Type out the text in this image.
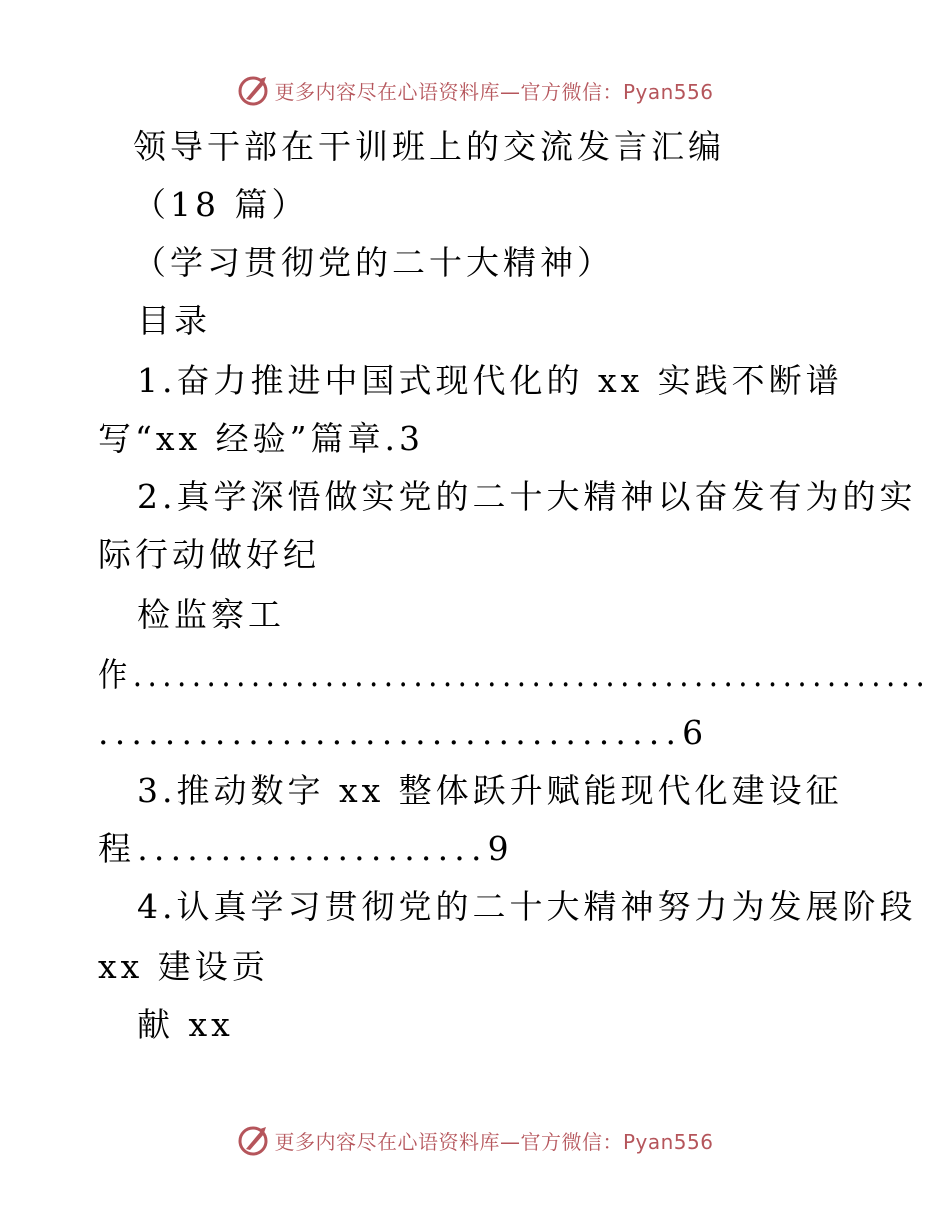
更多内容尽在心语资料库—官方微信：Pyan556
领导干部在干训班上的交流发言汇编
（18 篇）
（学习贯彻党的二十大精神）
目录
1.奋力推进中国式现代化的 xx 实践不断谱
写“xx 经验”篇章.3
2.真学深悟做实党的二十大精神以奋发有为的实
际行动做好纪
检监察工
作......................................................
...................................6
3.推动数字 xx 整体跃升赋能现代化建设征
程.....................9
4.认真学习贯彻党的二十大精神努力为发展阶段
xx 建设贡
献 xx
更多内容尽在心语资料库—官方微信：Pyan556
